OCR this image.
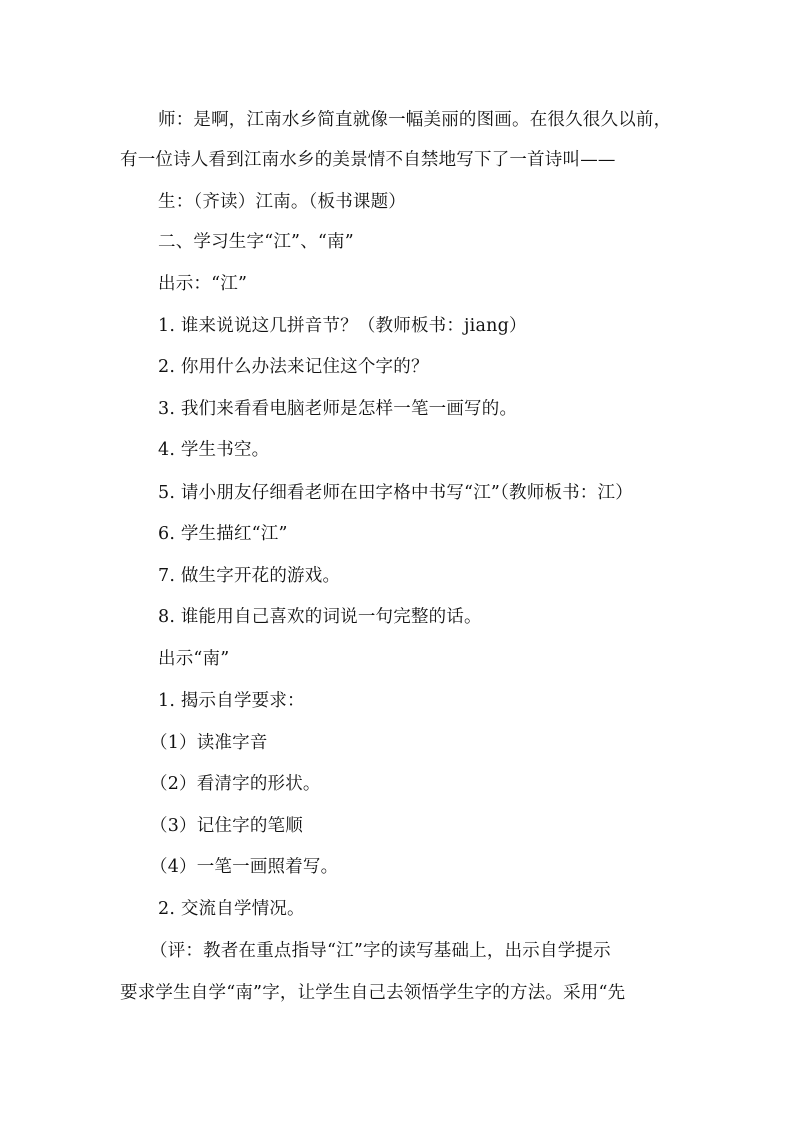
师：是啊，江南水乡简直就像一幅美丽的图画。在很久很久以前，
有一位诗人看到江南水乡的美景情不自禁地写下了一首诗叫——
生：（齐读）江南。（板书课题）
二、学习生字“江”、“南”
出示：“江”
1. 谁来说说这几拼音节？（教师板书：jiang）
2. 你用什么办法来记住这个字的？
3. 我们来看看电脑老师是怎样一笔一画写的。
4. 学生书空。
5. 请小朋友仔细看老师在田字格中书写“江”（教师板书：江）
6. 学生描红“江”
7. 做生字开花的游戏。
8. 谁能用自己喜欢的词说一句完整的话。
出示“南”
1. 揭示自学要求：
（1）读准字音
（2）看清字的形状。
（3）记住字的笔顺
（4）一笔一画照着写。
2. 交流自学情况。
（评：教者在重点指导“江”字的读写基础上，出示自学提示
要求学生自学“南”字，让学生自己去领悟学生字的方法。采用“先
